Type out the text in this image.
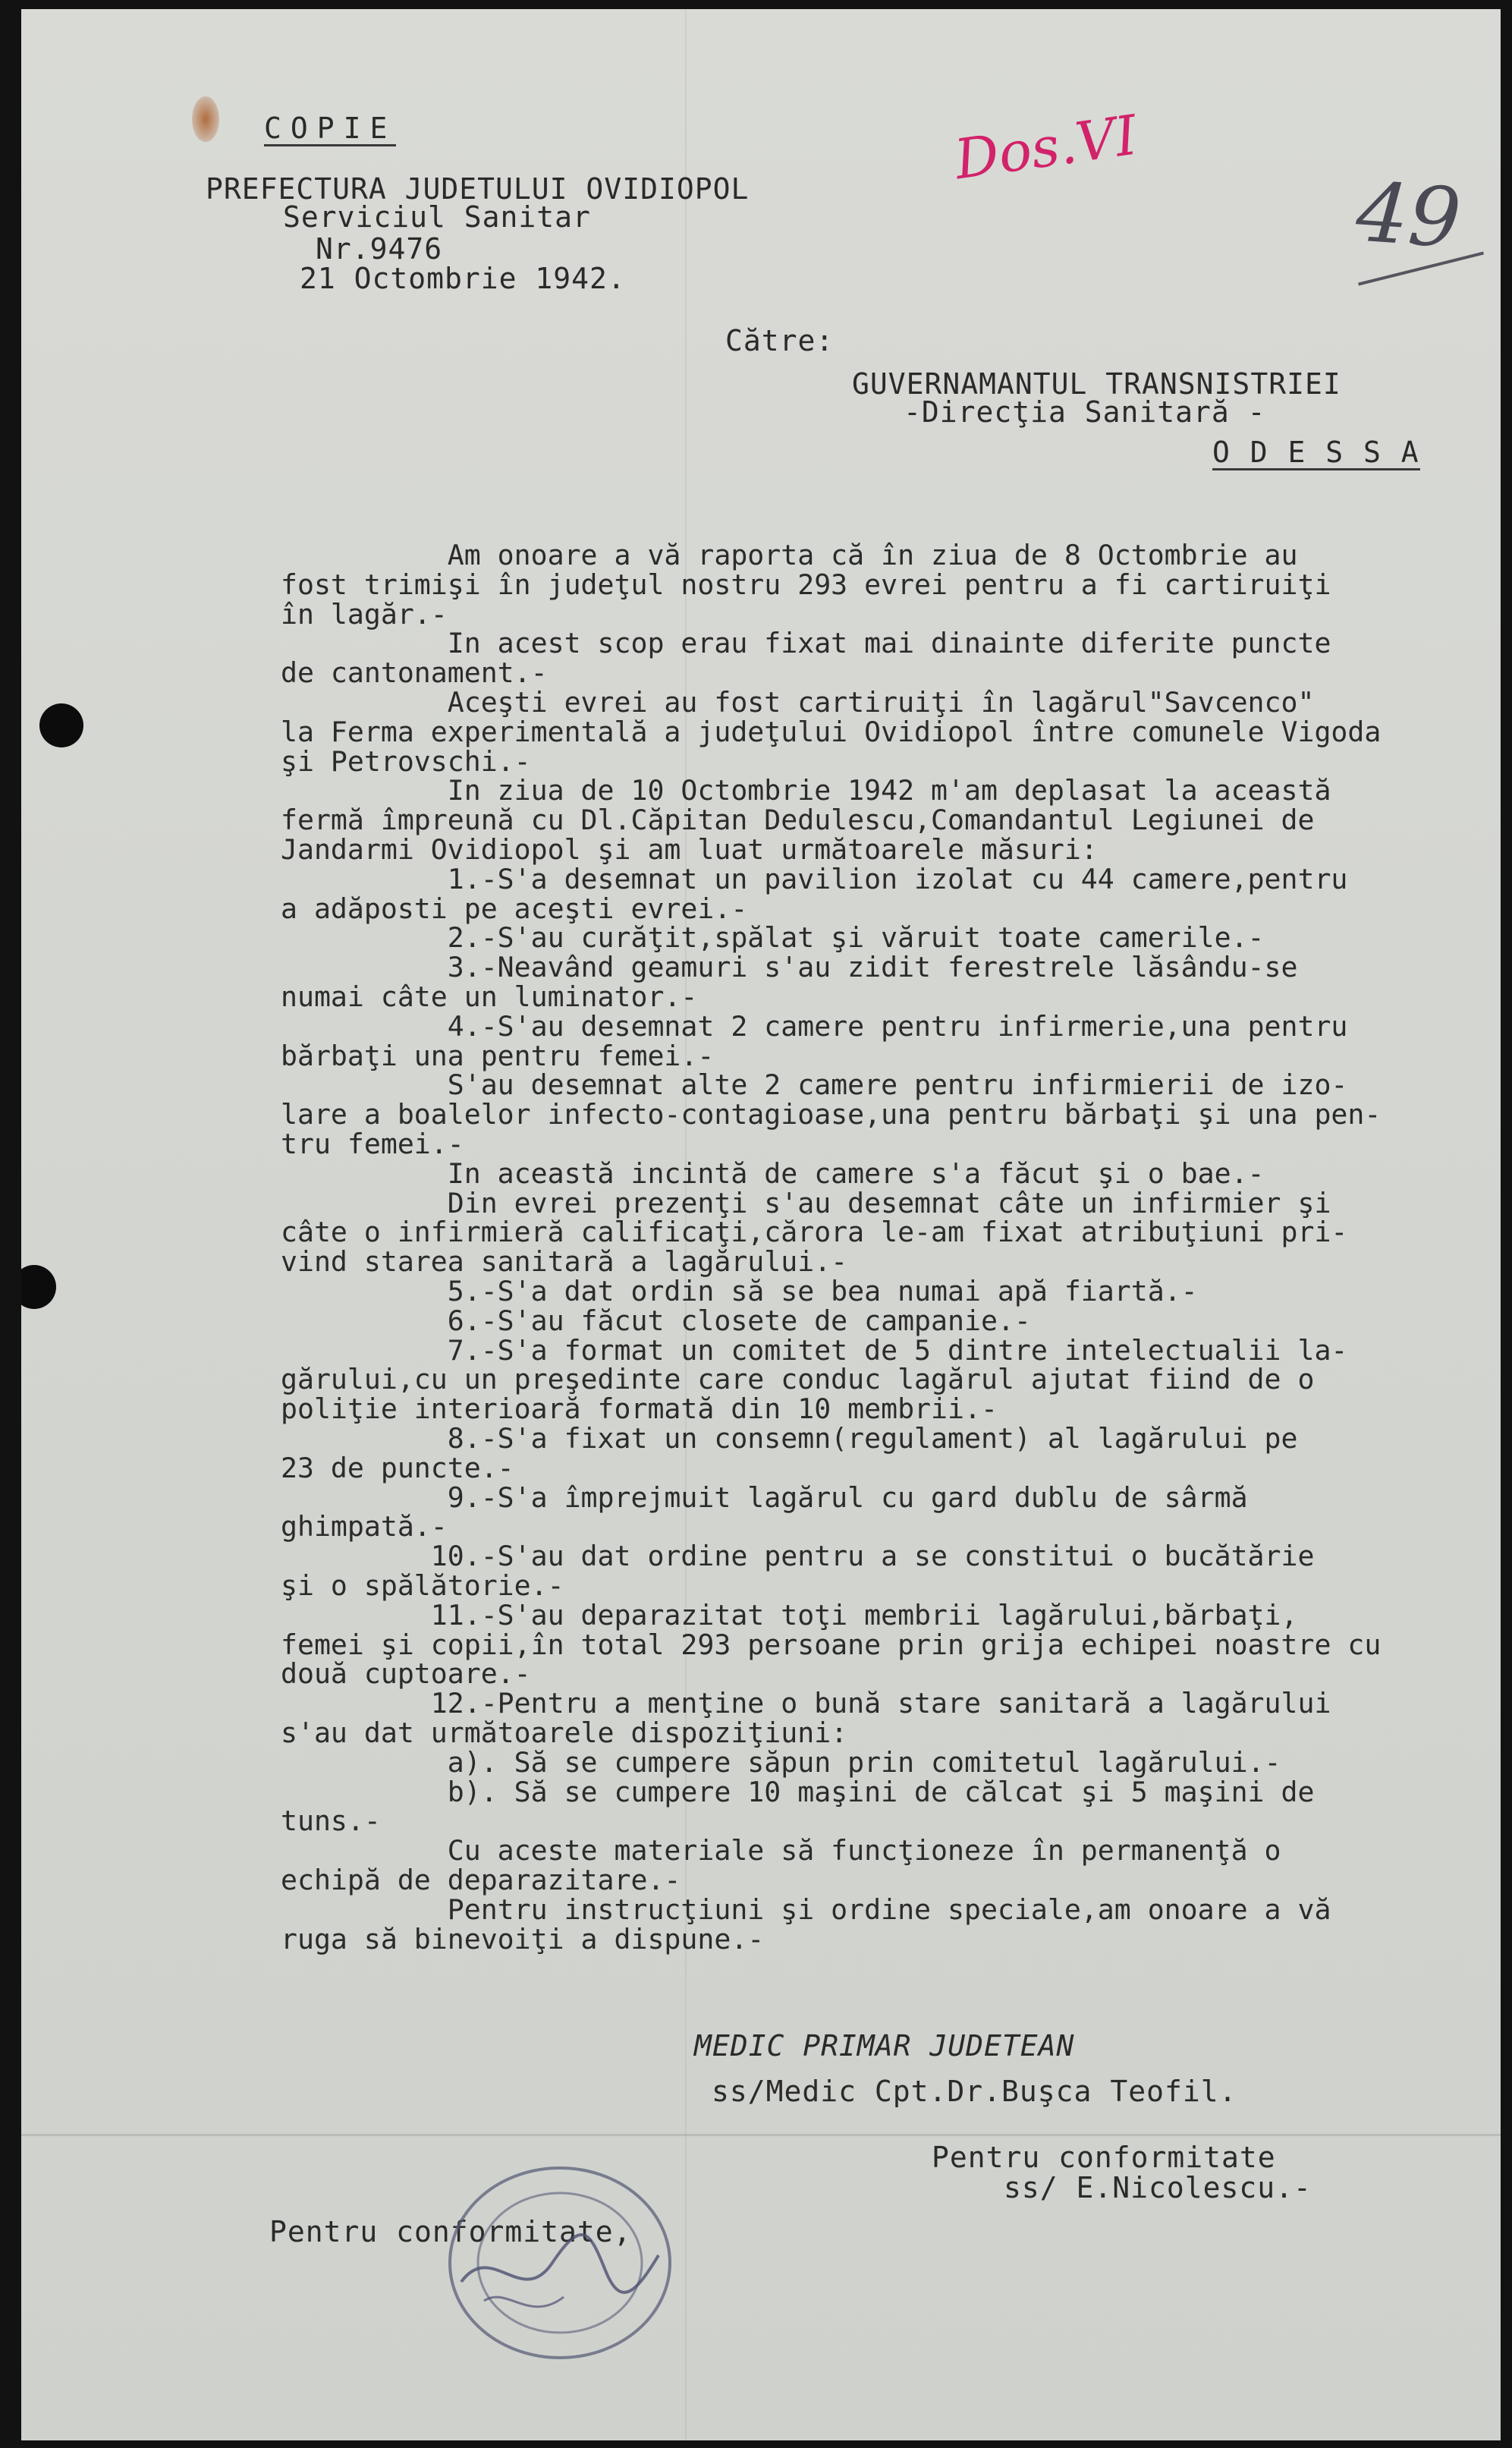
COPIE
PREFECTURA JUDETULUI OVIDIOPOL
Serviciul Sanitar
Nr.9476
21 Octombrie 1942.
Dos.VI
49
Către:
GUVERNAMANTUL TRANSNISTRIEI
-Direcţia Sanitară -
O D E S S A
Am onoare a vă raporta că în ziua de 8 Octombrie au
fost trimişi în judeţul nostru 293 evrei pentru a fi cartiruiţi
în lagăr.-
In acest scop erau fixat mai dinainte diferite puncte
de cantonament.-
Aceşti evrei au fost cartiruiţi în lagărul"Savcenco"
la Ferma experimentală a judeţului Ovidiopol între comunele Vigoda
şi Petrovschi.-
In ziua de 10 Octombrie 1942 m'am deplasat la această
fermă împreună cu Dl.Căpitan Dedulescu,Comandantul Legiunei de
Jandarmi Ovidiopol şi am luat următoarele măsuri:
1.-S'a desemnat un pavilion izolat cu 44 camere,pentru
a adăposti pe aceşti evrei.-
2.-S'au curăţit,spălat şi văruit toate camerile.-
3.-Neavând geamuri s'au zidit ferestrele lăsându-se
numai câte un luminator.-
4.-S'au desemnat 2 camere pentru infirmerie,una pentru
bărbaţi una pentru femei.-
S'au desemnat alte 2 camere pentru infirmierii de izo-
lare a boalelor infecto-contagioase,una pentru bărbaţi şi una pen-
tru femei.-
In această incintă de camere s'a făcut şi o bae.-
Din evrei prezenţi s'au desemnat câte un infirmier şi
câte o infirmieră calificaţi,cărora le-am fixat atribuţiuni pri-
vind starea sanitară a lagărului.-
5.-S'a dat ordin să se bea numai apă fiartă.-
6.-S'au făcut closete de campanie.-
7.-S'a format un comitet de 5 dintre intelectualii la-
gărului,cu un preşedinte care conduc lagărul ajutat fiind de o
poliţie interioară formată din 10 membrii.-
8.-S'a fixat un consemn(regulament) al lagărului pe
23 de puncte.-
9.-S'a împrejmuit lagărul cu gard dublu de sârmă
ghimpată.-
10.-S'au dat ordine pentru a se constitui o bucătărie
şi o spălătorie.-
11.-S'au deparazitat toţi membrii lagărului,bărbaţi,
femei şi copii,în total 293 persoane prin grija echipei noastre cu
două cuptoare.-
12.-Pentru a menţine o bună stare sanitară a lagărului
s'au dat următoarele dispoziţiuni:
a). Să se cumpere săpun prin comitetul lagărului.-
b). Să se cumpere 10 maşini de călcat şi 5 maşini de
tuns.-
Cu aceste materiale să funcţioneze în permanenţă o
echipă de deparazitare.-
Pentru instrucţiuni şi ordine speciale,am onoare a vă
ruga să binevoiţi a dispune.-
MEDIC PRIMAR JUDETEAN
ss/Medic Cpt.Dr.Buşca Teofil.
Pentru conformitate
ss/ E.Nicolescu.-
Pentru conformitate,
